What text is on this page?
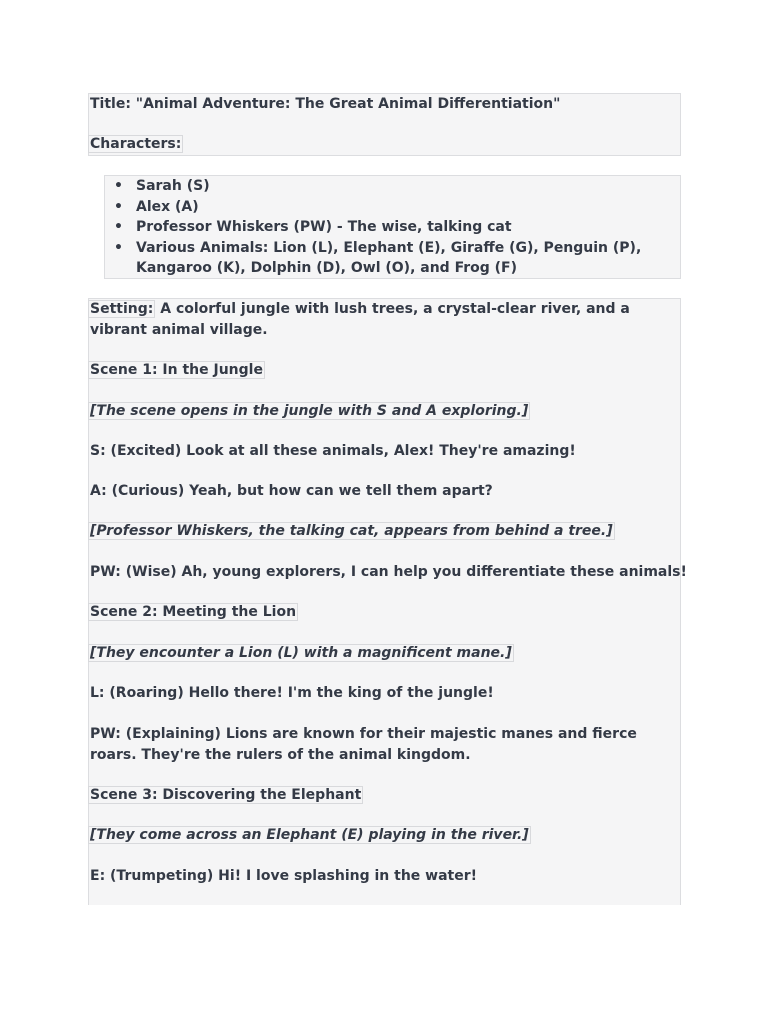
Title: "Animal Adventure: The Great Animal Differentiation"
Characters:
• Sarah (S)
• Alex (A)
• Professor Whiskers (PW) - The wise, talking cat
• Various Animals: Lion (L), Elephant (E), Giraffe (G), Penguin (P), Kangaroo (K), Dolphin (D), Owl (O), and Frog (F)
Setting: A colorful jungle with lush trees, a crystal-clear river, and a vibrant animal village.
Scene 1: In the Jungle
[The scene opens in the jungle with S and A exploring.]
S: (Excited) Look at all these animals, Alex! They're amazing!
A: (Curious) Yeah, but how can we tell them apart?
[Professor Whiskers, the talking cat, appears from behind a tree.]
PW: (Wise) Ah, young explorers, I can help you differentiate these animals!
Scene 2: Meeting the Lion
[They encounter a Lion (L) with a magnificent mane.]
L: (Roaring) Hello there! I'm the king of the jungle!
PW: (Explaining) Lions are known for their majestic manes and fierce roars. They're the rulers of the animal kingdom.
Scene 3: Discovering the Elephant
[They come across an Elephant (E) playing in the river.]
E: (Trumpeting) Hi! I love splashing in the water!
